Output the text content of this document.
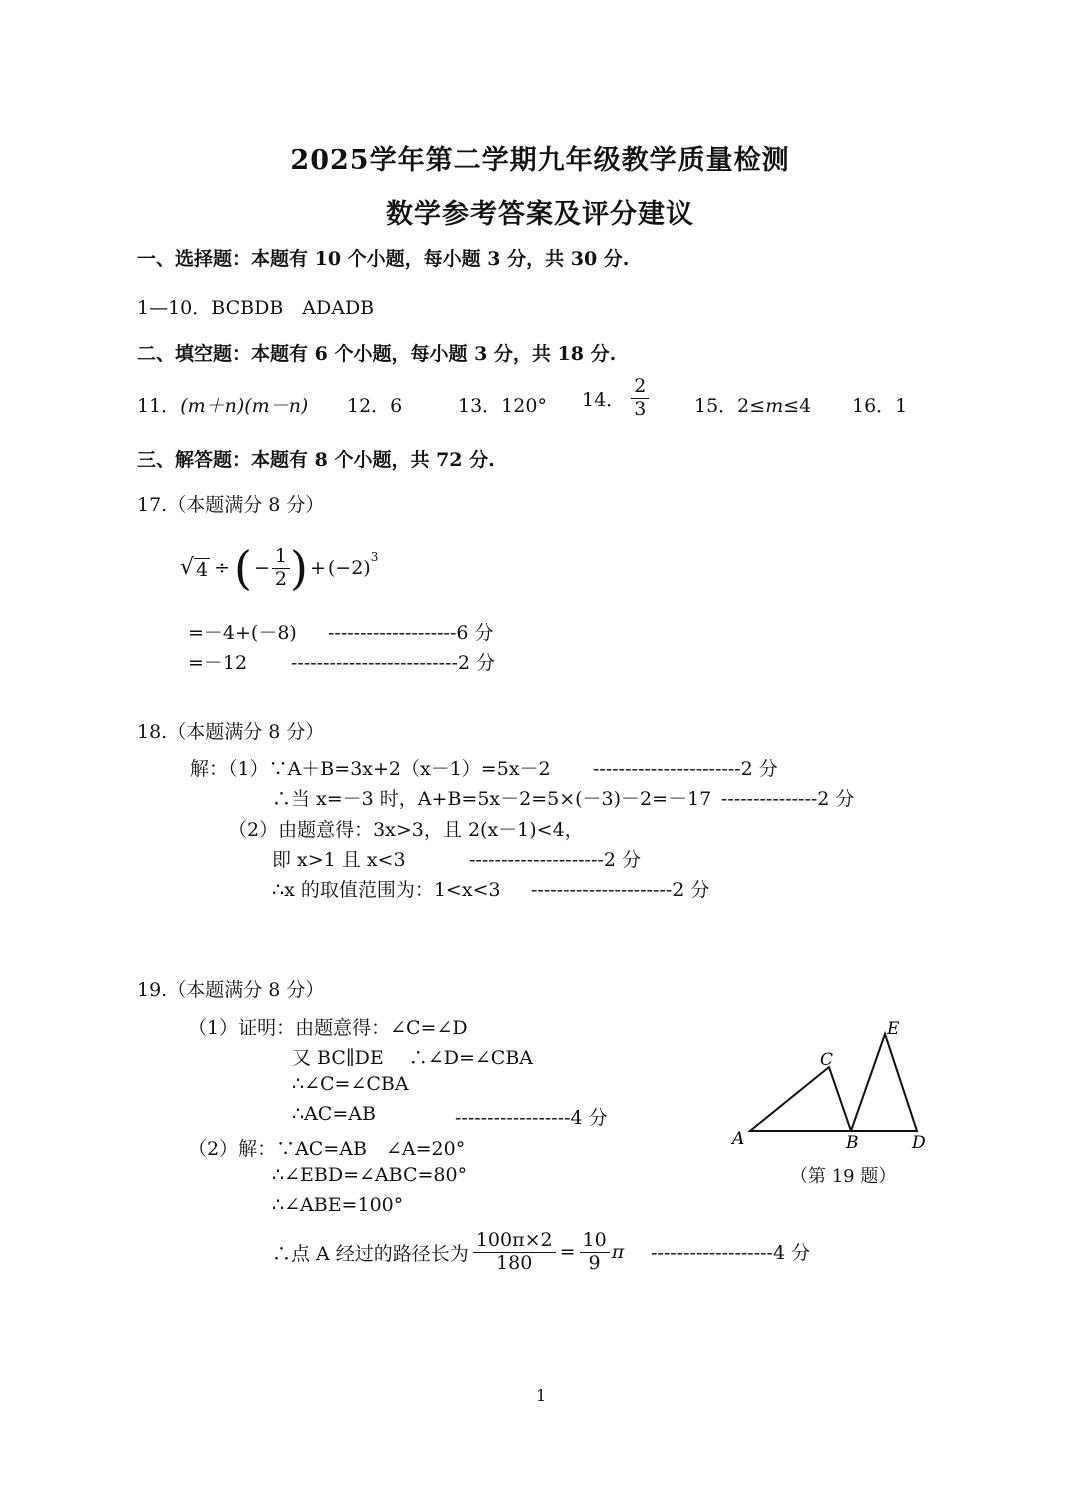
2025学年第二学期九年级教学质量检测
数学参考答案及评分建议
一、选择题：本题有 10 个小题，每小题 3 分，共 30 分.
1—10．BCBDB　ADADB
二、填空题：本题有 6 个小题，每小题 3 分，共 18 分.
11．(m＋n)(m－n) 12．6	13．120° 14． $\frac{2}{3} 15$．2≤m≤4 16．1
三、解答题：本题有 8 个小题，共 72 分.
17.（本题满分 8 分）
√ 4 ÷ ( − $\frac{1}{2}$ ) + $(-2)^3$
=－4+(－8) --------------------6 分
=－12 --------------------------2 分
18.（本题满分 8 分）
解：（1）∵A＋B=3x+2（x－1）=5x－2 -----------------------2 分
∴当 x=－3 时，A+B=5x－2=5×(－3)－2=－17 ---------------2 分
（2）由题意得：3x>3，且 2(x－1)<4，
即 x>1 且 x<3	---------------------2 分
∴x 的取值范围为：1<x<3 ----------------------2 分
19.（本题满分 8 分）
（1）证明：由题意得：∠C=∠D
又 BC∥DE　 ∴∠D=∠CBA
∴∠C=∠CBA
∴AC=AB	------------------4 分
（2）解：∵AC=AB　∠A=20°
∴∠EBD=∠ABC=80°
∴∠ABE=100°
∴点 A 经过的路径长为 $\frac{100\pi\times 2}{180} = \frac{10}{9}$ π -------------------4 分
A	B
C
D
E
（第 19 题）
1
